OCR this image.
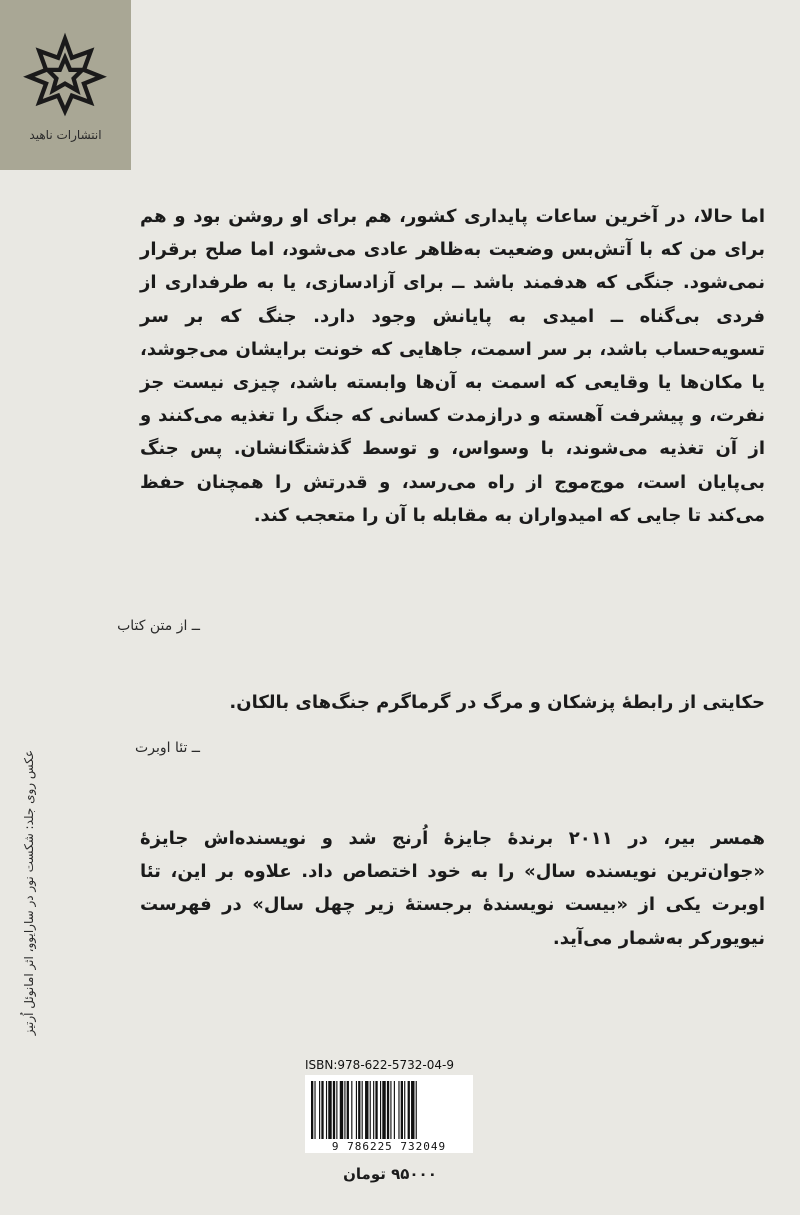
انتشارات ناهید
اما حالا، در آخرین ساعات پایداری کشور، هم برای او روشن بود و هم برای من که با آتش‌بس وضعیت به‌ظاهر عادی می‌شود، اما صلح برقرار نمی‌شود. جنگی که هدفمند باشد ــ برای آزادسازی، یا به طرفداری از فردی بی‌گناه ــ امیدی به پایانش وجود دارد. جنگ که بر سر تسویه‌حساب باشد، بر سر اسمت، جاهایی که خونت برایشان می‌جوشد، یا مکان‌ها یا وقایعی که اسمت به آن‌ها وابسته باشد، چیزی نیست جز نفرت، و پیشرفت آهسته و درازمدت کسانی که جنگ را تغذیه می‌کنند و از آن تغذیه می‌شوند، با وسواس، و توسط گذشتگانشان. پس جنگ بی‌پایان است، موج‌موج از راه می‌رسد، و قدرتش را همچنان حفظ می‌کند تا جایی که امیدواران به مقابله با آن را متعجب کند.
ــ از متن کتاب
حکایتی از رابطهٔ پزشکان و مرگ در گرماگرم جنگ‌های بالکان.
ــ تئا اوبرت
همسر بیر، در ۲۰۱۱ برندهٔ جایزهٔ اُرنج شد و نویسنده‌اش جایزهٔ «جوان‌ترین نویسنده سال» را به خود اختصاص داد. علاوه بر این، تئا اوبرت یکی از «بیست نویسندهٔ برجستهٔ زیر چهل سال» در فهرست نیویورکر به‌شمار می‌آید.
عکس روی جلد: شکست نور در سارایوو، اثر امانوئل اُرتیز
ISBN:978-622-5732-04-9
9 786225 732049
۹۵۰۰۰ تومان
